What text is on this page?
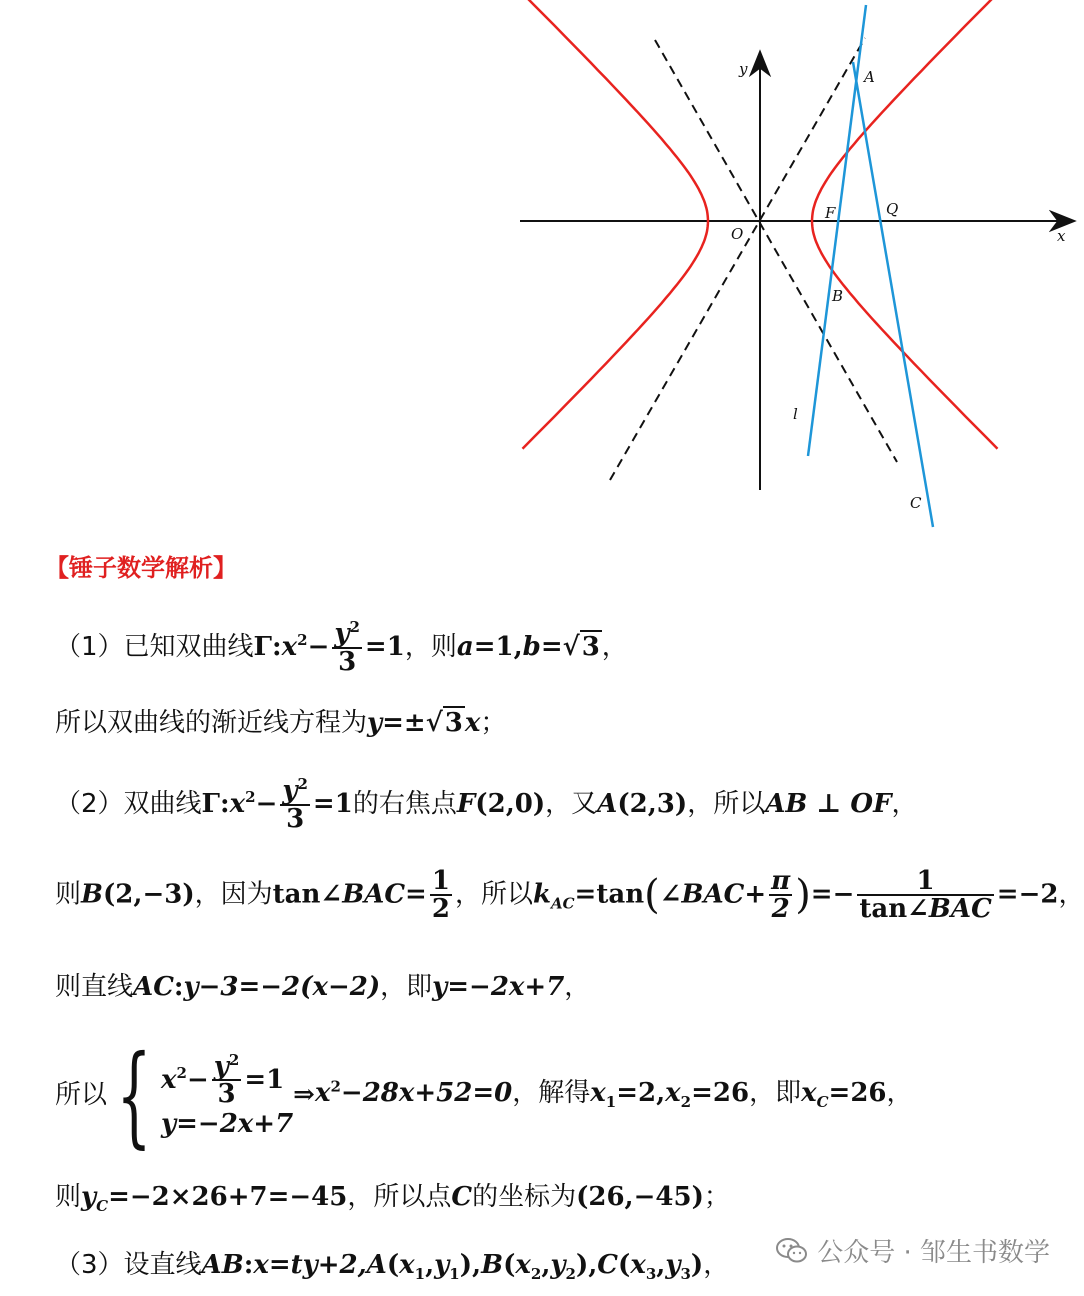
y
x
O
F	Q
A
B
C
l
【锤子数学解析】
（1）已知双曲线$\Gamma:x^2- \frac{y^2}{3} =1$，则a=1,b=√3，
所以双曲线的渐近线方程为y=±√3x；
（2）双曲线$\Gamma:x^2- \frac{y^2}{3} =1$的右焦点F(2,0)，又A(2,3)，所以AB ⊥ OF，
则B(2,−3)，因为tan∠BAC= $\frac{1}{2}$ ，所以$k_{AC}=\tan(\angle BAC+ \frac{\pi}{2}$ )=− $\frac{1}{\text{tan∠BAC}} =-2$，
则直线AC:y−3=−2(x−2)，即y=−2x+7，
所以{ $x^2- \frac{y^2}{3} =1$
y=−2x+7
$\Rightarrow x^2-28x+52=0$，解得$x_1=2,x_2=26$，即$x_C=26$，
则$y_C=-2\times 26+7=-45$，所以点C的坐标为(26,−45)；
（3）设直线$AB:x=ty+2,A(x_1,y_1),B(x_2,y_2),C(x_3,y_3)$，	公众号 · 邹生书数学
